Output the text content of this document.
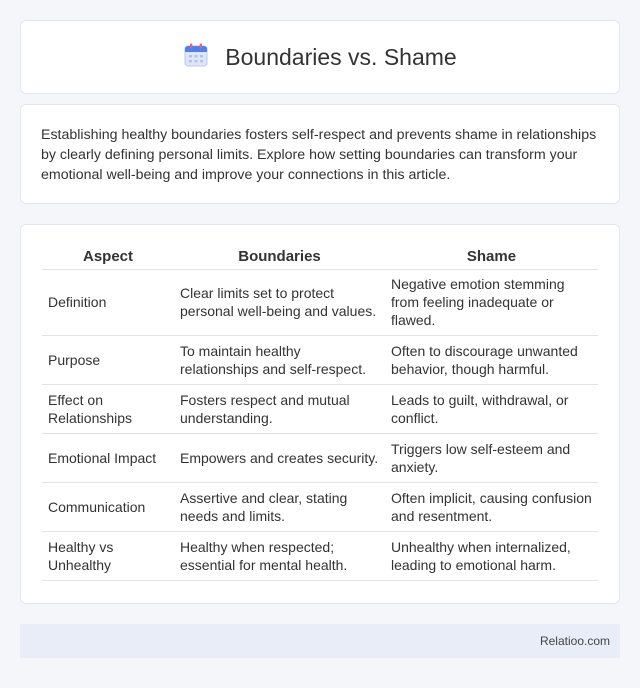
Boundaries vs. Shame

Establishing healthy boundaries fosters self-respect and prevents shame in relationships by clearly defining personal limits. Explore how setting boundaries can transform your emotional well-being and improve your connections in this article.

Aspect	Boundaries	Shame
Definition	Clear limits set to protect personal well-being and values.	Negative emotion stemming from feeling inadequate or flawed.
Purpose	To maintain healthy relationships and self-respect.	Often to discourage unwanted behavior, though harmful.
Effect on Relationships	Fosters respect and mutual understanding.	Leads to guilt, withdrawal, or conflict.
Emotional Impact	Empowers and creates security.	Triggers low self-esteem and anxiety.
Communication	Assertive and clear, stating needs and limits.	Often implicit, causing confusion and resentment.
Healthy vs Unhealthy	Healthy when respected; essential for mental health.	Unhealthy when internalized, leading to emotional harm.
Relatioo.com
